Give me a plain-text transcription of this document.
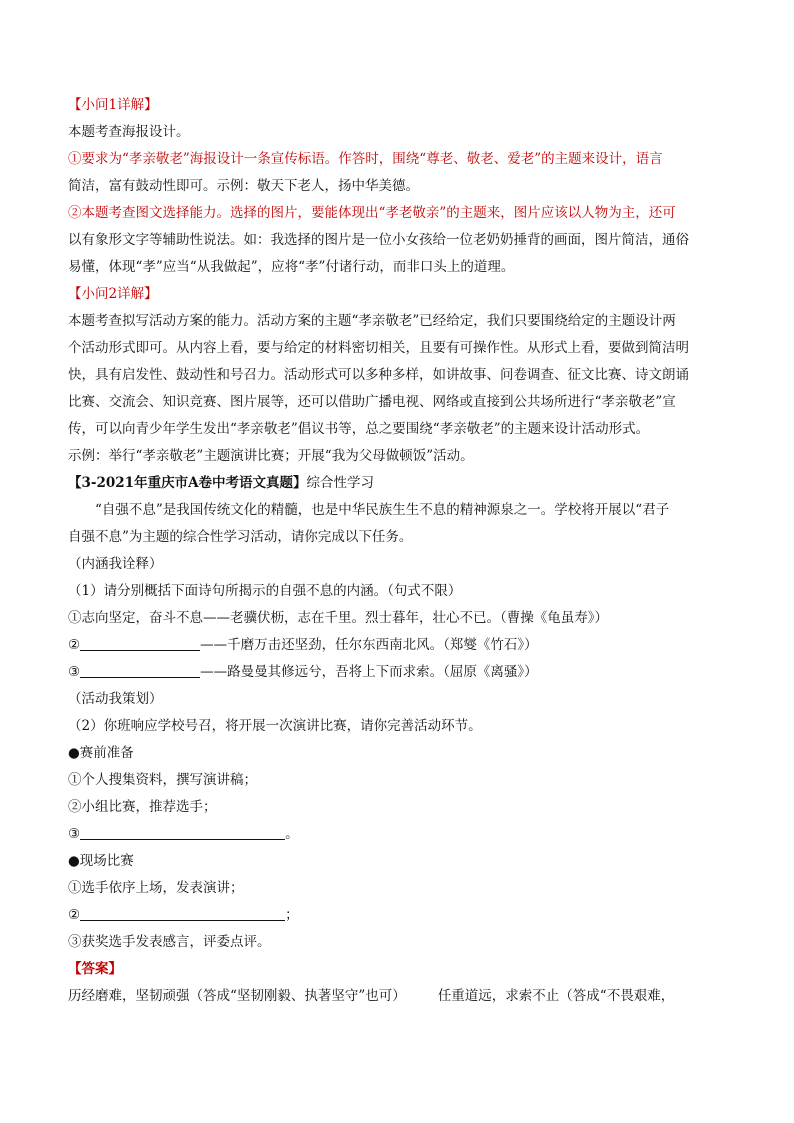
【小问1详解】
本题考查海报设计。
①要求为“孝亲敬老”海报设计一条宣传标语。作答时，围绕“尊老、敬老、爱老”的主题来设计，语言
简洁，富有鼓动性即可。示例：敬天下老人，扬中华美德。
②本题考查图文选择能力。选择的图片，要能体现出“孝老敬亲”的主题来，图片应该以人物为主，还可
以有象形文字等辅助性说法。如：我选择的图片是一位小女孩给一位老奶奶捶背的画面，图片简洁，通俗
易懂，体现“孝”应当“从我做起”，应将“孝”付诸行动，而非口头上的道理。
【小问2详解】
本题考查拟写活动方案的能力。活动方案的主题“孝亲敬老”已经给定，我们只要围绕给定的主题设计两
个活动形式即可。从内容上看，要与给定的材料密切相关，且要有可操作性。从形式上看，要做到简洁明
快，具有启发性、鼓动性和号召力。活动形式可以多种多样，如讲故事、问卷调查、征文比赛、诗文朗诵
比赛、交流会、知识竞赛、图片展等，还可以借助广播电视、网络或直接到公共场所进行“孝亲敬老”宣
传，可以向青少年学生发出“孝亲敬老”倡议书等，总之要围绕“孝亲敬老”的主题来设计活动形式。
示例：举行“孝亲敬老”主题演讲比赛；开展“我为父母做顿饭”活动。
【3-2021年重庆市A卷中考语文真题】综合性学习
“自强不息”是我国传统文化的精髓，也是中华民族生生不息的精神源泉之一。学校将开展以“君子
自强不息”为主题的综合性学习活动，请你完成以下任务。
（内涵我诠释）
（1）请分别概括下面诗句所揭示的自强不息的内涵。（句式不限）
①志向坚定，奋斗不息——老骥伏枥，志在千里。烈士暮年，壮心不已。（曹操《龟虽寿》）
②	——千磨万击还坚劲，任尔东西南北风。（郑燮《竹石》）
③	——路曼曼其修远兮，吾将上下而求索。（屈原《离骚》）
（活动我策划）
（2）你班响应学校号召，将开展一次演讲比赛，请你完善活动环节。
●赛前准备
①个人搜集资料，撰写演讲稿；
②小组比赛，推荐选手；
③	。
●现场比赛
①选手依序上场，发表演讲；
②	；
③获奖选手发表感言，评委点评。
【答案】
历经磨难，坚韧顽强（答成“坚韧刚毅、执著坚守”也可） 任重道远，求索不止（答成“不畏艰难，
